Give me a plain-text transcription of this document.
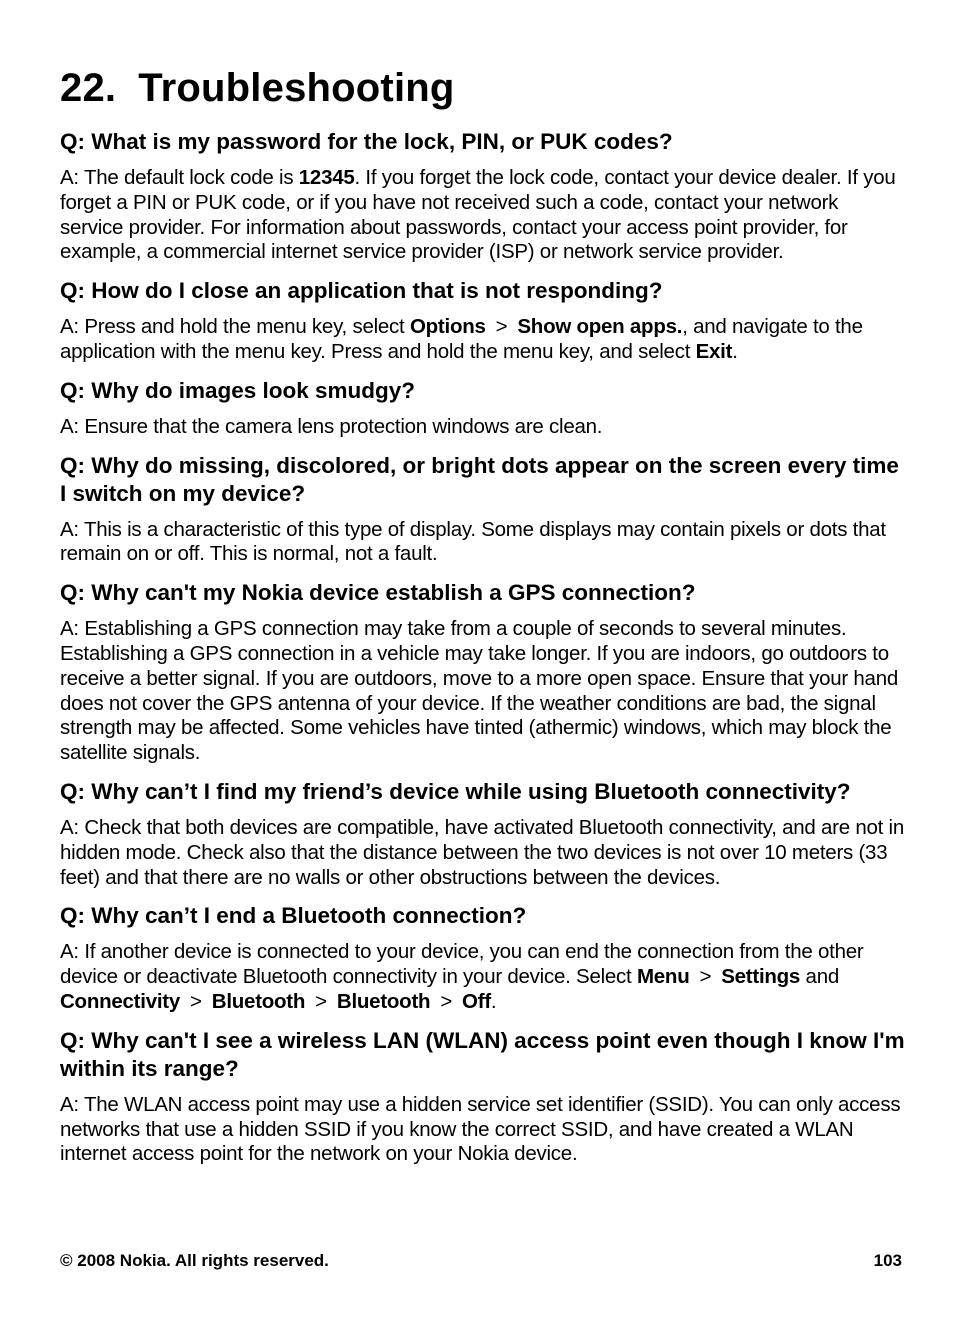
22. Troubleshooting

Q: What is my password for the lock, PIN, or PUK codes?

A: The default lock code is 12345. If you forget the lock code, contact your device dealer. If you forget a PIN or PUK code, or if you have not received such a code, contact your network service provider. For information about passwords, contact your access point provider, for example, a commercial internet service provider (ISP) or network service provider.

Q: How do I close an application that is not responding?

A: Press and hold the menu key, select Options > Show open apps., and navigate to the application with the menu key. Press and hold the menu key, and select Exit.

Q: Why do images look smudgy?

A: Ensure that the camera lens protection windows are clean.

Q: Why do missing, discolored, or bright dots appear on the screen every time I switch on my device?

A: This is a characteristic of this type of display. Some displays may contain pixels or dots that remain on or off. This is normal, not a fault.

Q: Why can't my Nokia device establish a GPS connection?

A: Establishing a GPS connection may take from a couple of seconds to several minutes. Establishing a GPS connection in a vehicle may take longer. If you are indoors, go outdoors to receive a better signal. If you are outdoors, move to a more open space. Ensure that your hand does not cover the GPS antenna of your device. If the weather conditions are bad, the signal strength may be affected. Some vehicles have tinted (athermic) windows, which may block the satellite signals.

Q: Why can’t I find my friend’s device while using Bluetooth connectivity?

A: Check that both devices are compatible, have activated Bluetooth connectivity, and are not in hidden mode. Check also that the distance between the two devices is not over 10 meters (33 feet) and that there are no walls or other obstructions between the devices.

Q: Why can’t I end a Bluetooth connection?

A: If another device is connected to your device, you can end the connection from the other device or deactivate Bluetooth connectivity in your device. Select Menu > Settings and Connectivity > Bluetooth > Bluetooth > Off.

Q: Why can't I see a wireless LAN (WLAN) access point even though I know I'm within its range?

A: The WLAN access point may use a hidden service set identifier (SSID). You can only access networks that use a hidden SSID if you know the correct SSID, and have created a WLAN internet access point for the network on your Nokia device.

© 2008 Nokia. All rights reserved.	103
